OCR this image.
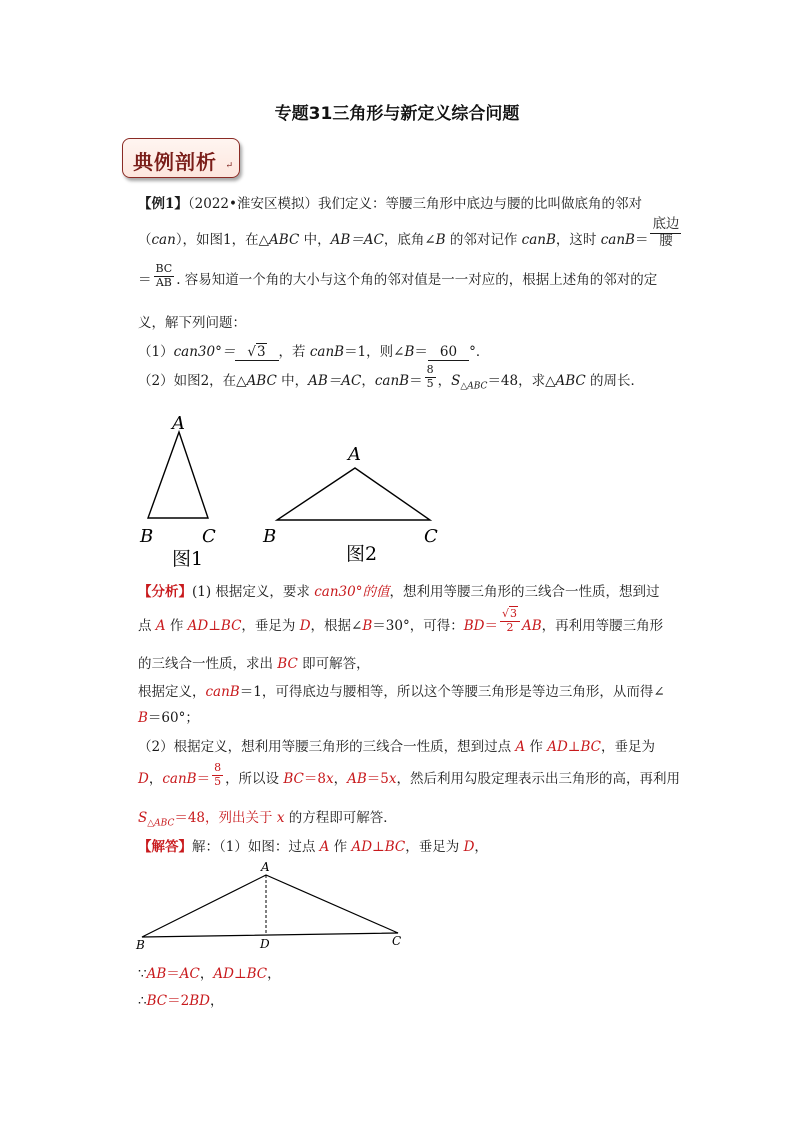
专题31三角形与新定义综合问题
典例剖析 ↵
【例1】（2022•淮安区模拟）我们定义：等腰三角形中底边与腰的比叫做底角的邻对
（can），如图1，在△ABC 中，AB＝AC，底角∠B 的邻对记作 canB，这时 canB＝ $\frac{\text{底边}}{\text{腰}}$
＝ $\frac{BC}{AB}$ . 容易知道一个角的大小与这个角的邻对值是一一对应的，根据上述角的邻对的定
义，解下列问题：
（1）can30°＝ √3 ，若 canB＝1，则∠B＝ 60 °．
（2）如图2，在△ABC 中，AB＝AC，canB＝ $\frac{8}{5}$ ，$S_{\triangle ABC}=48$，求△ABC 的周长．
A
B	C
图1
A
B	C
图2
【分析】(1) 根据定义，要求 can30°的值，想利用等腰三角形的三线合一性质，想到过
点 A 作 AD⊥BC，垂足为 D，根据∠B＝30°，可得：$BD= \frac{√3}{2}$ AB，再利用等腰三角形
的三线合一性质，求出 BC 即可解答，
根据定义，canB＝1，可得底边与腰相等，所以这个等腰三角形是等边三角形，从而得∠
B＝60°；
（2）根据定义，想利用等腰三角形的三线合一性质，想到过点 A 作 AD⊥BC，垂足为
D，canB＝ $\frac{8}{5}$ ，所以设 BC＝8x，AB＝5x，然后利用勾股定理表示出三角形的高，再利用
$S_{\triangle ABC}=48$，列出关于 x 的方程即可解答．
【解答】解：（1）如图：过点 A 作 AD⊥BC，垂足为 D，
A
B	D	C
∵AB＝AC，AD⊥BC，
∴BC＝2BD，
